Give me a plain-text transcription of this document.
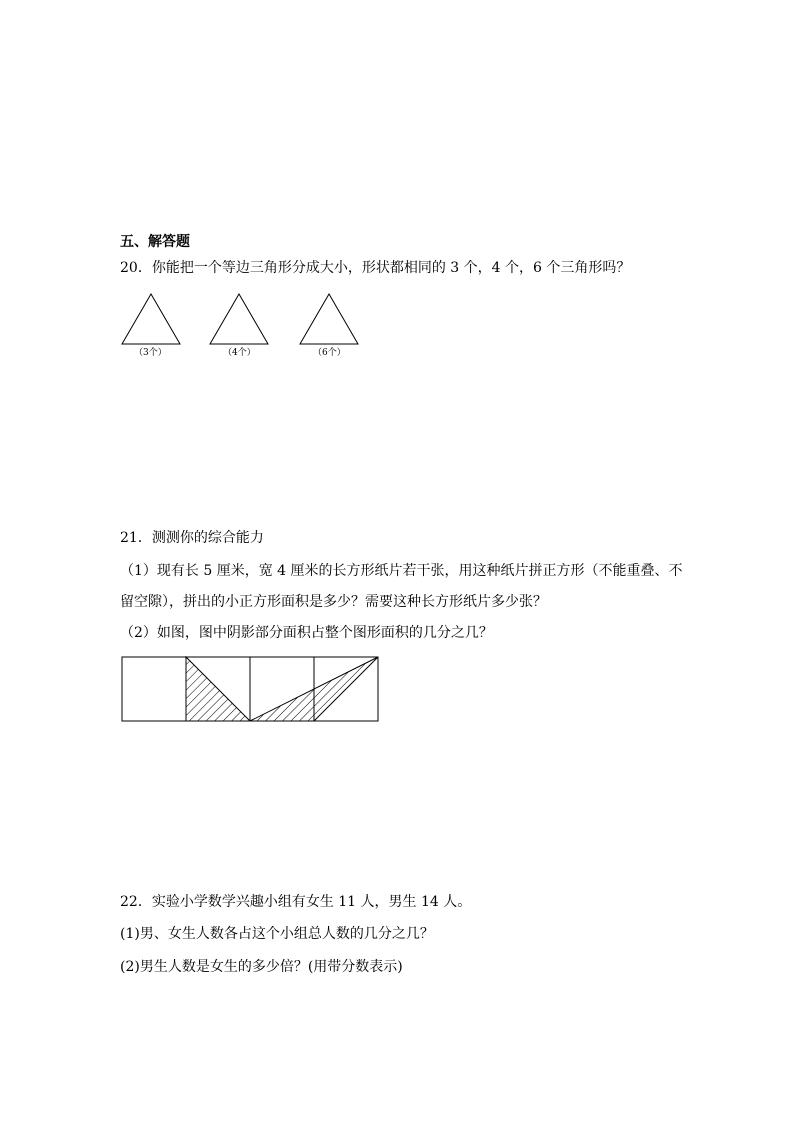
五、解答题
20．你能把一个等边三角形分成大小，形状都相同的 3 个，4 个，6 个三角形吗？
（3个）	（4个）	（6个）
21．测测你的综合能力
（1）现有长 5 厘米，宽 4 厘米的长方形纸片若干张，用这种纸片拼正方形（不能重叠、不
留空隙），拼出的小正方形面积是多少？需要这种长方形纸片多少张？
（2）如图，图中阴影部分面积占整个图形面积的几分之几？
22．实验小学数学兴趣小组有女生 11 人，男生 14 人。
(1)男、女生人数各占这个小组总人数的几分之几？
(2)男生人数是女生的多少倍？(用带分数表示)
